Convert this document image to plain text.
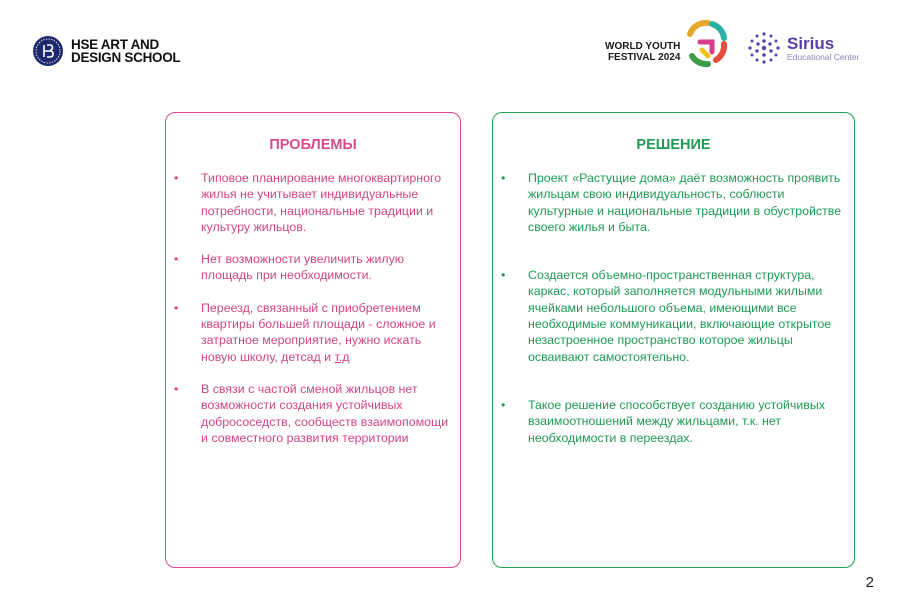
HSE ART AND
DESIGN SCHOOL
WORLD YOUTH
FESTIVAL 2024
Sirius
Educational Center
ПРОБЛЕМЫ
• Типовое планирование многоквартирного жилья не учитывает индивидуальные потребности, национальные традиции и культуру жильцов.
• Нет возможности увеличить жилую площадь при необходимости.
• Переезд, связанный с приобретением квартиры большей площади - сложное и затратное мероприятие, нужно искать новую школу, детсад и т.д
• В связи с частой сменой жильцов нет возможности создания устойчивых добрососедств, сообществ взаимопомощи и совместного развития территории
РЕШЕНИЕ
• Проект «Растущие дома» даёт возможность проявить жильцам свою индивидуальность, соблюсти культурные и национальные традиции в обустройстве своего жилья и быта.
• Создается объемно-пространственная структура, каркас, который заполняется модульными жилыми ячейками небольшого объема, имеющими все необходимые коммуникации, включающие открытое незастроенное пространство которое жильцы осваивают самостоятельно.
• Такое решение способствует созданию устойчивых взаимоотношений между жильцами, т.к. нет необходимости в переездах.
2
